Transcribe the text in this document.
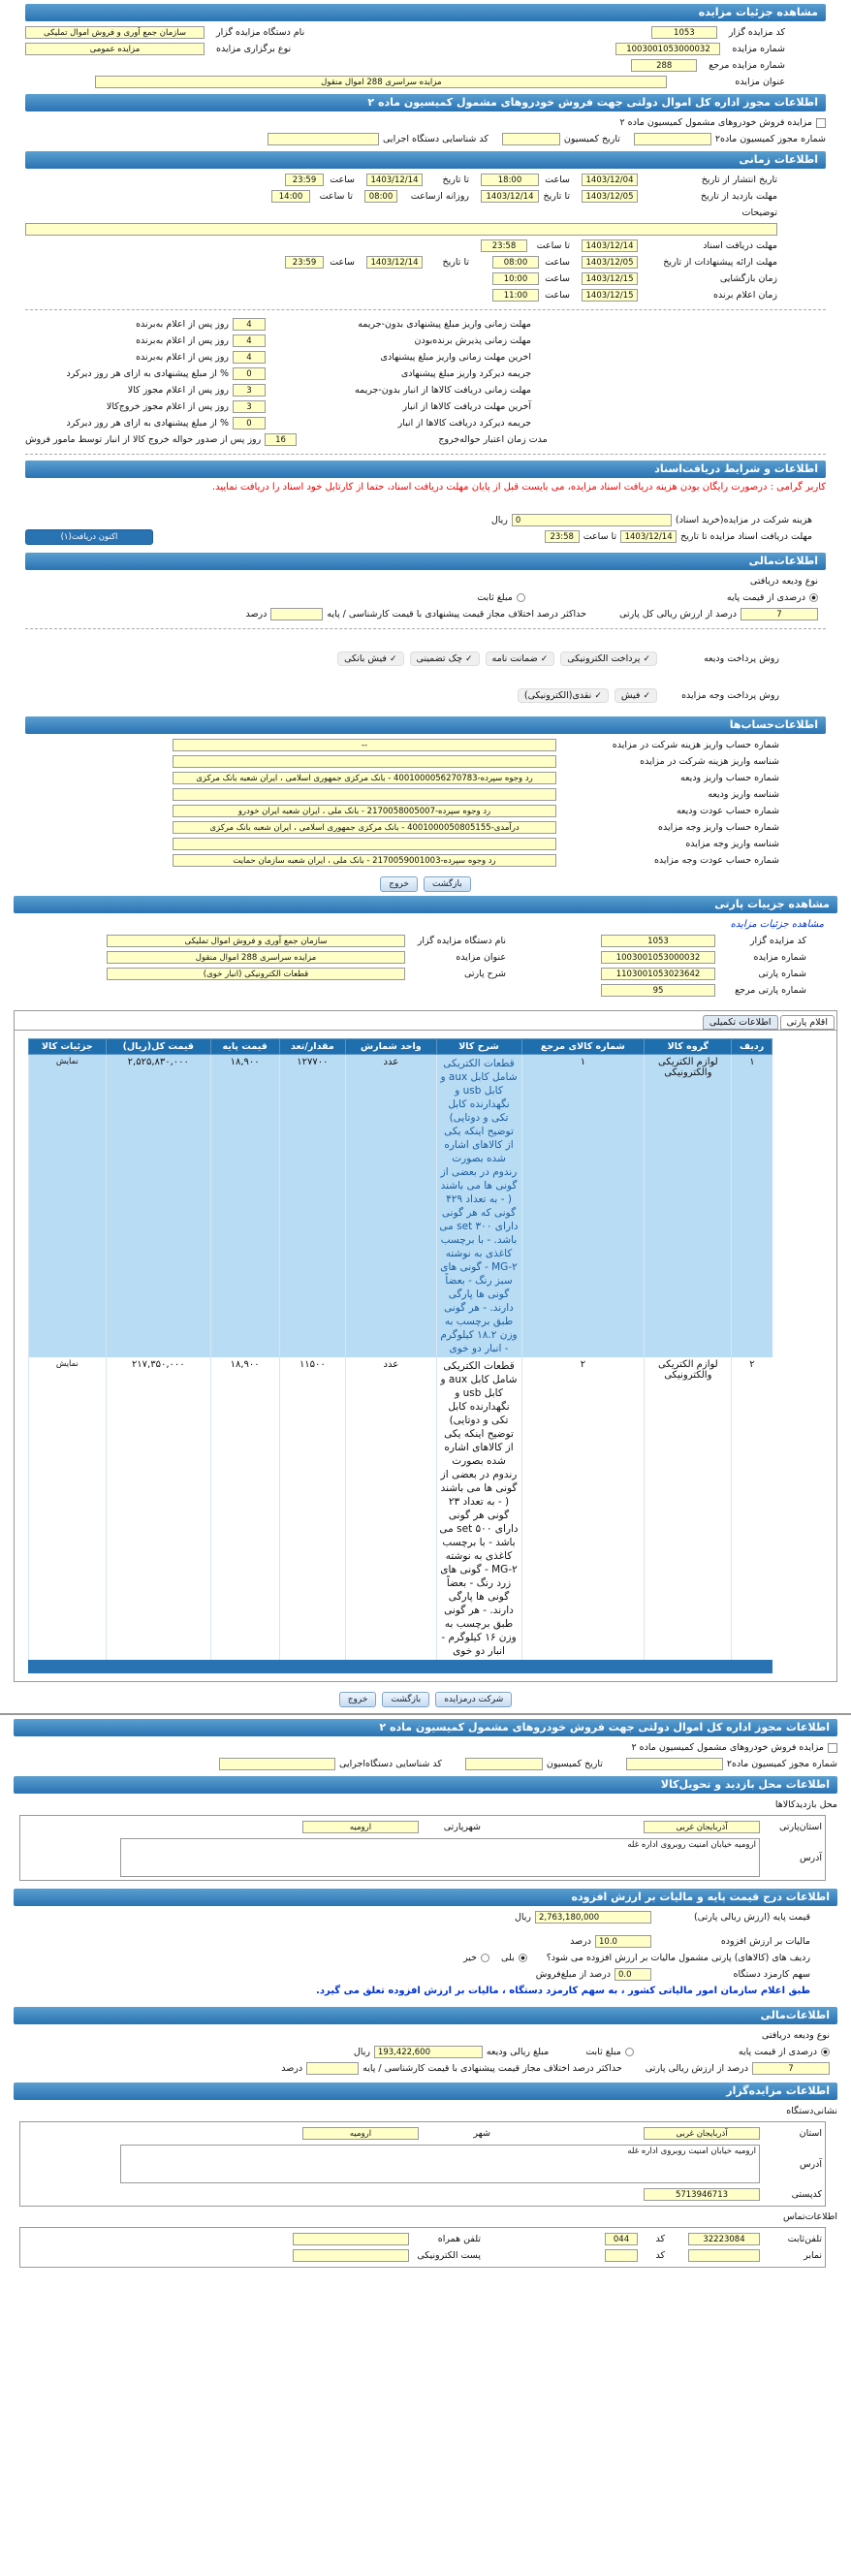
مشاهده جزئیات مزایده
کد مزایده گزار
1053
نام دستگاه مزایده گزار
سازمان جمع آوری و فروش اموال تملیکی
شماره مزایده
1003001053000032
نوع برگزاری مزایده
مزایده عمومی
شماره مزایده مرجع
288
عنوان مزایده
مزایده سراسری 288 اموال منقول
اطلاعات مجوز اداره کل اموال دولتی جهت فروش خودروهای مشمول کمیسیون ماده ۲
مزایده فروش خودروهای مشمول کمیسیون ماده ۲
شماره مجوز کمیسیون ماده۲
تاریخ کمیسیون
کد شناسایی دستگاه اجرایی
اطلاعات زمانی
تاریخ انتشار از تاریخ
1403/12/04
ساعت
18:00
تا تاریخ
1403/12/14
ساعت
23:59
مهلت بازدید از تاریخ
1403/12/05
تا تاریخ
1403/12/14
روزانه ازساعت
08:00
تا ساعت
14:00
توضیحات
مهلت دریافت اسناد
1403/12/14
تا ساعت
23:58
مهلت ارائه پیشنهادات از تاریخ
1403/12/05
ساعت
08:00
تا تاریخ
1403/12/14
ساعت
23:59
زمان بازگشایی
1403/12/15
ساعت
10:00
زمان اعلام برنده
1403/12/15
ساعت
11:00
مهلت زمانی واریز مبلغ پیشنهادی بدون-جریمه
4
روز پس از اعلام به‌برنده
مهلت زمانی پذیرش برنده‌بودن
4
روز پس از اعلام به‌برنده
اخرین مهلت زمانی واریز مبلغ پیشنهادی
4
روز پس از اعلام به‌برنده
جریمه دیرکرد واریز مبلغ پیشنهادی
0
% از مبلغ پیشنهادی به ازای هر روز دیرکرد
مهلت زمانی دریافت کالاها از انبار بدون-جریمه
3
روز پس از اعلام مجوز کالا
آخرین مهلت دریافت کالاها از انبار
3
روز پس از اعلام مجوز خروج‌کالا
جریمه دیرکرد دریافت کالاها از انبار
0
% از مبلغ پیشنهادی به ازای هر روز دیرکرد
مدت زمان اعتبار حواله‌خروج
16
روز پس از صدور حواله خروج کالا از انبار توسط مامور فروش
اطلاعات و شرایط دریافت‌اسناد
کاربر گرامی : درصورت رایگان بودن هزینه دریافت اسناد مزایده، می بایست قبل از پایان مهلت دریافت اسناد، حتما از کارتابل خود اسناد را دریافت نمایید.
هزینه شرکت در مزایده(خرید اسناد)
0
ریال
مهلت دریافت اسناد مزایده تا تاریخ
1403/12/14
تا ساعت
23:58
اکنون دریافت(۱)
اطلاعات‌مالی
نوع ودیعه دریافتی
درصدی از قیمت پایه
مبلغ ثابت
7
درصد از ارزش ریالی کل پارتی
حداکثر درصد اختلاف مجاز قیمت پیشنهادی با قیمت کارشناسی / پایه
درصد
روش پرداخت ودیعه
✓ پرداخت الکترونیکی✓ ضمانت نامه✓ چک تضمینی✓ فیش بانکی
روش پرداخت وجه مزایده
✓ فیش✓ نقدی(الکترونیکی)
اطلاعات‌حساب‌ها
شماره حساب واریز هزینه شرکت در مزایده
--
شناسه واریز هزینه شرکت در مزایده
شماره حساب واریز ودیعه
رد وجوه سپرده-4001000056270783 - بانک مرکزی جمهوری اسلامی ، ایران شعبه بانک مرکزی
شناسه واریز ودیعه
شماره حساب عودت ودیعه
رد وجوه سپرده-2170058005007 - بانک ملی ، ایران شعبه ایران خودرو
شماره حساب واریز وجه مزایده
درآمدی-4001000050805155 - بانک مرکزی جمهوری اسلامی ، ایران شعبه بانک مرکزی
شناسه واریز وجه مزایده
شماره حساب عودت وجه مزایده
رد وجوه سپرده-2170059001003 - بانک ملی ، ایران شعبه سازمان حمایت
بازگشت
خروج
مشاهده جزییات پارتی
مشاهده جزئیات مزایده
کد مزایده گزار
1053
نام دستگاه مزایده گزار
سازمان جمع آوری و فروش اموال تملیکی
شماره مزایده
1003001053000032
عنوان مزایده
مزایده سراسری 288 اموال منقول
شماره پارتی
1103001053023642
شرح پارتی
قطعات الکترونیکی (انبار خوی)
شماره پارتی مرجع
95
اقلام پارتی
اطلاعات تکمیلی
ردیف	گروه کالا	شماره کالای مرجع	شرح کالا	واحد شمارش	مقدار/تعد	قیمت پایه	قیمت کل(ریال)	جزئیات کالا
۱	لوازم الکتریکی والکترونیکی	۱	قطعات الکتریکی شامل کابل aux و کابل usb و نگهدارنده کابل تکی و دوتایی) توضیح اینکه یکی از کالاهای اشاره شده بصورت رندوم در بعضی از گونی ها می باشند ( - به تعداد ۴۲۹ گونی که هر گونی دارای ۳۰۰ set می باشد. - با برچسب کاغذی به نوشته MG-۲ - گونی های سبز رنگ - بعضاً گونی ها پارگی دارند. - هر گونی طبق برچسب به وزن ۱۸.۲ کیلوگرم - انبار دو خوی	عدد	۱۲۷۷۰۰	۱۸,۹۰۰	۲,۵۲۵,۸۳۰,۰۰۰	نمایش
۲	لوازم الکتریکی والکترونیکی	۲	قطعات الکتریکی شامل کابل aux و کابل usb و نگهدارنده کابل تکی و دوتایی) توضیح اینکه یکی از کالاهای اشاره شده بصورت رندوم در بعضی از گونی ها می باشند ( - به تعداد ۲۳ گونی هر گونی دارای ۵۰۰ set می باشد - با برچسب کاغذی به نوشته MG-۲ - گونی های زرد رنگ - بعضاً گونی ها پارگی دارند. - هر گونی طبق برچسب به وزن ۱۶ کیلوگرم - انبار دو خوی	عدد	۱۱۵۰۰	۱۸,۹۰۰	۲۱۷,۳۵۰,۰۰۰	نمایش
شرکت درمزایده
بازگشت
خروج
اطلاعات مجوز اداره کل اموال دولتی جهت فروش خودروهای مشمول کمیسیون ماده ۲
مزایده فروش خودروهای مشمول کمیسیون ماده ۲
شماره مجوز کمیسیون ماده۲
تاریخ کمیسیون
کد شناسایی دستگاه‌اجرایی
اطلاعات محل بازدید و تحویل‌کالا
محل بازدیدکالاها
استان‌پارتی
آذربایجان غربی
شهرپارتی
ارومیه
آدرس
ارومیه خیابان امنیت روبروی اداره غله
اطلاعات درج قیمت پایه و مالیات بر ارزش افزوده
قیمت پایه (ارزش ریالی پارتی)
2,763,180,000
ریال
مالیات بر ارزش افزوده
10.0
درصد
ردیف های (کالاهای) پارتی مشمول مالیات بر ارزش افزوده می شود؟
بلی
خیر
سهم کارمزد دستگاه
0.0
درصد از مبلغ‌فروش
طبق اعلام سازمان امور مالیاتی کشور ، به سهم کارمزد دستگاه ، مالیات بر ارزش افزوده تعلق می گیرد.
اطلاعات‌مالی
نوع ودیعه دریافتی
درصدی از قیمت پایه
مبلغ ثابت
مبلغ ریالی ودیعه
193,422,600
ریال
7
درصد از ارزش ریالی پارتی
حداکثر درصد اختلاف مجاز قیمت پیشنهادی با قیمت کارشناسی / پایه
درصد
اطلاعات مزایده‌گزار
نشانی‌دستگاه
استان
آذربایجان غربی
شهر
ارومیه
آدرس
ارومیه خیابان امنیت روبروی اداره غله
کدپستی
5713946713
اطلاعات‌تماس
تلفن‌ثابت
32223084
کد
044
تلفن همراه
نمابر
کد
پست الکترونیکی
